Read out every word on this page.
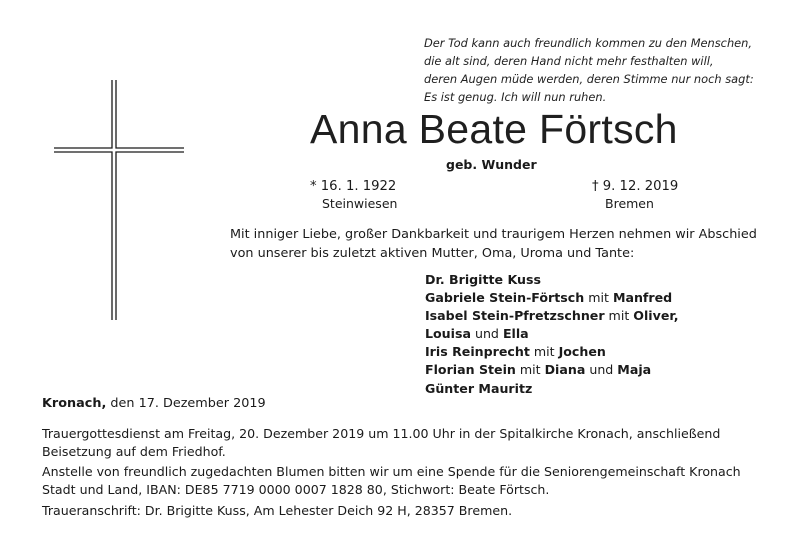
Der Tod kann auch freundlich kommen zu den Menschen,
die alt sind, deren Hand nicht mehr festhalten will,
deren Augen müde werden, deren Stimme nur noch sagt:
Es ist genug. Ich will nun ruhen.
Anna Beate Förtsch
geb. Wunder
* 16. 1. 1922
Steinwiesen
† 9. 12. 2019
Bremen
Mit inniger Liebe, großer Dankbarkeit und traurigem Herzen nehmen wir Abschied
von unserer bis zuletzt aktiven Mutter, Oma, Uroma und Tante:
Dr. Brigitte Kuss
Gabriele Stein-Förtsch mit Manfred
Isabel Stein-Pfretzschner mit Oliver,
Louisa und Ella
Iris Reinprecht mit Jochen
Florian Stein mit Diana und Maja
Günter Mauritz
Kronach, den 17. Dezember 2019
Trauergottesdienst am Freitag, 20. Dezember 2019 um 11.00 Uhr in der Spitalkirche Kronach, anschließend
Beisetzung auf dem Friedhof.
Anstelle von freundlich zugedachten Blumen bitten wir um eine Spende für die Seniorengemeinschaft Kronach
Stadt und Land, IBAN: DE85 7719 0000 0007 1828 80, Stichwort: Beate Förtsch.
Traueranschrift: Dr. Brigitte Kuss, Am Lehester Deich 92 H, 28357 Bremen.
